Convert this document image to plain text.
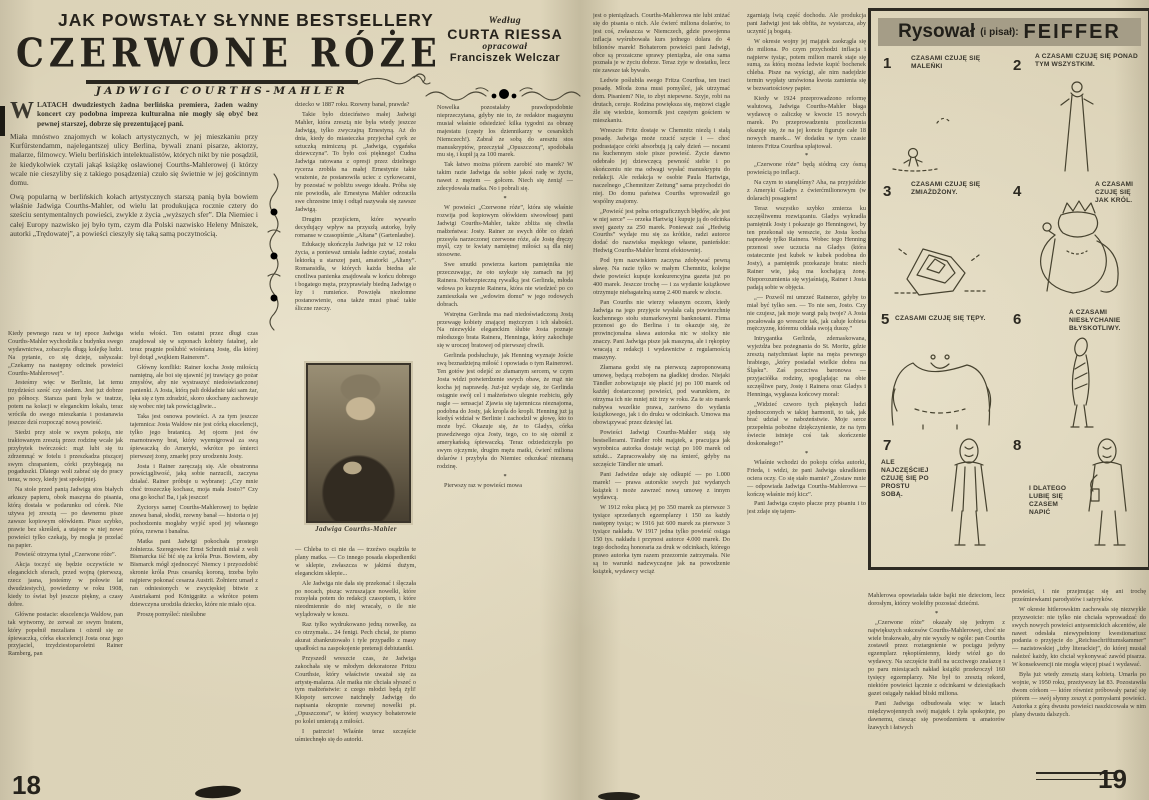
JAK POWSTAŁY SŁYNNE BESTSELLERY
CZERWONE RÓŻE
JADWIGI COURTHS-MAHLER
Według
CURTA RIESSA
opracował
Franciszek Welczar

WLATACH dwudziestych żadna berlińska premiera, żaden ważny koncert czy podobna impreza kulturalna nie mogły się obyć bez pewnej starszej, dobrze się prezentującej pani.

Miała mnóstwo znajomych w kołach artystycznych, w jej mieszkaniu przy Kurfürstendamm, najelegantszej ulicy Berlina, bywali znani pisarze, aktorzy, malarze, filmowcy. Wielu berlińskich intelektualistów, których nikt by nie posądził, że kiedykolwiek czytali jakąś książkę osławionej Courths-Mahlerowej (i którzy wcale nie cieszyliby się z takiego posądzenia) czuło się świetnie w jej gościnnym domu.

Ową popularną w berlińskich kołach artystycznych starszą panią była bowiem właśnie Jadwiga Courths-Mahler, od wielu lat produkująca rocznie cztery do sześciu sentymentalnych powieści, zwykle z życia „wyższych sfer”. Dla Niemiec i całej Europy nazwisko jej było tym, czym dla Polski nazwisko Heleny Mniszek, autorki „Trędowatej”, a powieści cieszyły się taką samą poczytnością.

Kiedy pewnego razu w tej epoce Jadwiga Courths-Mahler wychodziła z budynku swego wydawnictwa, zobaczyła długą kolejkę ludzi. Na pytanie, co się dzieje, usłyszała: „Czekamy na następny odcinek powieści Courths-Mahlerowej”.

Jesteśmy więc w Berlinie, lat temu trzydzieści sześć czy siedem. Jest już dobrze po północy. Starsza pani była w teatrze, potem na kolacji w eleganckim lokalu, teraz wróciła do swego mieszkania i postanawia jeszcze dziś rozpocząć nową powieść.

Siedzi przy stole w swym pokoju, nie traktowanym zresztą przez rodzinę wcale jak przybytek twórczości: mąż lubi się tu zdrzemnąć w fotelu i przeszkadza piszącej swym chrapaniem, córki przybiegają na pogaduszki. Dlatego woli zabrać się do pracy teraz, w nocy, kiedy jest spokojniej.

Na stole przed panią Jadwigą stos białych arkuszy papieru, obok maszyna do pisania, którą dostała w podarunku od córek. Nie używa jej zresztą — po dawnemu pisze zawsze kopiowym ołówkiem. Pisze szybko, prawie bez skreśleń, a utajone w niej nowe powieści tylko czekają, by mogła je przelać na papier.

Powieść otrzyma tytuł „Czerwone róże”.

Akcja toczyć się będzie oczywiście w eleganckich sferach, przed wojną (pierwszą, rzecz jasna, jesteśmy w połowie lat dwudziestych), powiedzmy w roku 1908, kiedy to świat był jeszcze piękny, a czasy dobre.

Główne postacie: ekscelencja Waldow, pan tak wytworny, że zerwał ze swym bratem, który popełnił mezalians i ożenił się ze śpiewaczką, córka ekscelencji Josta oraz jego przyjaciel, trzydziestoparoletni Rainer Ramberg, pan

wielu włości. Ten ostatni przez długi czas znajdował się w szponach kobiety fatalnej, ale teraz pragnie poślubić wiośnianą Jostę, dla której był dotąd „wujkiem Rainerem”.

Główny konflikt: Rainer kocha Jostę miłością namiętną, ale boi się ujawnić jej trawiący go pożar zmysłów, aby nie wystraszyć niedoświadczonej panienki. A Josta, którą pali dokładnie taki sam żar, lęka się z tym zdradzić, skoro ukochany zachowuje się wobec niej tak powściągliwie...

Taka jest osnowa powieści. A za tym jeszcze tajemnica: Josta Waldow nie jest córką ekscelencji, tylko jego bratanicą. Jej ojcem jest ów marnotrawny brat, który wyemigrował za swą śpiewaczką do Ameryki, wkrótce po śmierci pierwszej żony, zmarłej przy urodzeniu Josty.

Josta i Rainer zaręczają się. Ale obustronna powściągliwość, jaką sobie narzucili, zaczyna działać. Rainer próbuje u wybranej: „Czy mnie choć troszeczkę kochasz, moja mała Josto?” Czy ona go kocha! Ba, i jak jeszcze!

Życiorys samej Courths-Mahlerowej to będzie znowu banał, słodki, rzewny banał — historia o jej pochodzeniu mogłaby wyjść spod jej własnego pióra, rzewna i banalna.

Matka pani Jadwigi pokochała prostego żołnierza. Szeregowiec Ernst Schmidt miał z woli Bismarcka iść bić się za króla Prus. Bowiem, aby Bismarck mógł zjednoczyć Niemcy i przyozdobić skronie króla Prus cesarską koroną, trzeba było najpierw pokonać cesarza Austrii. Żołnierz umarł z ran odniesionych w zwycięskiej bitwie z Austriakami pod Königgrätz a wkrótce potem dziewczyna urodziła dziecko, które nie miało ojca.

Proszę pomyśleć: nieślubne

dziecko w 1887 roku. Rzewny banał, prawda?

Takie było dzieciństwo małej Jadwigi Mahler, która zresztą nie była wtedy jeszcze Jadwigą, tylko zwyczajną Ernestyną. Aż do dnia, kiedy do miasteczka przyjechał cyrk ze sztuczką mimiczną pt. „Jadwiga, cygańska dziewczyna”. To było coś pięknego! Cudna Jadwiga ratowana z opresji przez dzielnego rycerza zrobiła na małej Ernestynie takie wrażenie, że postanowiła uciec z cyrkowcami, by pozostać w pobliżu swego ideału. Próba się nie powiodła, ale Ernestyna Mahler odrzuciła swe chrzestne imię i odtąd nazywała się zawsze Jadwigą.

Drugim przejściem, które wywarło decydujący wpływ na przyszłą autorkę, były romanse w czasopiśmie „Altana” (Gartenlaube).

Edukację ukończyła Jadwiga już w 12 roku życia, a ponieważ umiała ładnie czytać, została lektorką u starszej pani, amatorki „Altany”. Romansidła, w których każda biedna ale cnotliwa panienka znajdowała w końcu dobrego i bogatego męża, przyprawiały biedną Jadwigę o łzy i rumieńce. Powzięła niezłomne postanowienie, ona także musi pisać takie śliczne rzeczy.

Jadwiga Courths-Mahler

— Chleba to ci nie da — trzeźwo osądziła te plany matka. — Co innego posada ekspedientki w sklepie, zwłaszcza w jakimś dużym, eleganckim sklepie...

Ale Jadwiga nie dała się przekonać i ślęczała po nocach, pisząc wzruszające nowelki, które rozsyłała potem do redakcji czasopism, i które nieodmiennie do niej wracały, o ile nie wylądowały w koszu.

Raz tylko wydrukowano jedną nowelkę, za co otrzymała... 24 fenigi. Pech chciał, że pismo akurat zbankrutowało i tyle przypadło z masy upadłości na zaspokojenie pretensji debiutantki.

Przyszedł wreszcie czas, że Jadwiga zakochała się w młodym dekoratorze Fritzu Courthsie, który właściwie uważał się za artystę-malarza. Ale matka nie chciała słyszeć o tym małżeństwie: z czego młodzi będą żyli! Kłopoty sercowe natchnęły Jadwigę do napisania okropnie rzewnej nowelki pt. „Opuszczona”, w której wszyscy bohaterowie po kolei umierają z miłości.

I patrzcie! Właśnie teraz szczęście uśmiechnęło się do autorki.

Nowelka pozostałaby prawdopodobnie nieprzeczytana, gdyby nie to, że redaktor magazynu musiał właśnie odsiedzieć kilka tygodni za obrazę majestatu (częsty los dziennikarzy w cesarskich Niemczech!). Zabrał ze sobą do aresztu stos manuskryptów, przeczytał „Opuszczoną”, spodobała mu się, i kupił ją za 100 marek.

Tak łatwo można piórem zarobić sto marek? W takim razie Jadwiga da sobie jakoś radę w życiu, nawet z mężem — gołcem. Niech się żenią! — zdecydowała matka. No i pobrali się.

*

W powieści „Czerwone róże”, która się właśnie rozwija pod kopiowym ołówkiem siwowłosej pani Jadwigi Courths-Mahler, także zbliża się chwila małżeństwa: Josty. Rainer ze swych dóbr co dzień przesyła narzeczonej czerwone róże, ale Jostę dręczy myśl, czy te kwiaty namiętnej miłości są dla niej stosowne.

Swe smutki powierza kartom pamiętnika nie przeczuwając, że oto szykuje się zamach na jej Rainera. Niebezpieczną rywalką jest Gerlinda, młoda wdowa po kuzynie Rainera, która nie wiedzieć po co zamieszkała we „wdowim domu” w jego rodowych dobrach.

Wstrętna Gerlinda ma nad niedoświadczoną Jostą przewagę kobiety znającej mężczyzn i ich słabości. Na niezwykle eleganckim ślubie Josta poznaje młodszego brata Rainera, Henninga, który zakochuje się w uroczej bratowej od pierwszej chwili.

Gerlinda podsłuchuje, jak Henning wyznaje Joście swą beznadziejną miłość i opowiada o tym Rainerowi. Ten gotów jest odejść ze złamanym sercem, w czym Josta widzi potwierdzenie swych obaw, że mąż nie kocha jej naprawdę. Już-już wydaje się, że Gerlinda osiągnie swój cel i małżeństwo ulegnie rozbiciu, gdy nagle — sensacja! Zjawia się tajemnicza nieznajoma, podobna do Josty, jak kropla do kropli. Henning już ją kiedyś widział w Berlinie i zachodził w głowę, kto to może być. Okazuje się, że to Gladys, córka prawdziwego ojca Josty, tego, co to się ożenił z amerykańską śpiewaczką. Teraz odziedziczyła po swym ojczymie, drugim mężu matki, ćwierć miliona dolarów i przybyła do Niemiec odszukać nieznaną rodzinę.

*

Pierwszy raz w powieści mowa

18

jest o pieniądzach. Courths-Mahlerowa nie lubi zniżać się do pisania o nich. Ale ćwierć miliona dolarów, to jest coś, zwłaszcza w Niemczech, gdzie powojenna inflacja wyśrubowała kurs jednego dolara do 4 bilionów marek! Bohaterom powieści pani Jadwigi, obce są prozaiczne sprawy pieniądza, ale ona sama poznała je w życiu dobrze. Teraz żyje w dostatku, lecz nie zawsze tak bywało.

Ledwie poślubiła swego Fritza Courthsa, ten traci posadę. Młoda żona musi pomyśleć, jak utrzymać dom. Pisaniem? Nie, to zbyt niepewne. Szyje, robi na drutach, ceruje. Rodzina powiększa się, mężowi ciągle źle się wiedzie, komornik jest częstym gościem w mieszkaniu.

Wreszcie Fritz dostaje w Chemnitz niezłą i stałą posadę. Jadwiga może rzucić szycie i — choć podrastające córki absorbują ją cały dzień — nocami na kuchennym stole pisze powieść. Życie dawno odebrało jej dziewczęcą pewność siebie i po skończeniu nie ma odwagi wysłać manuskryptu do redakcji. Ale redakcja w osobie Paula Hartwiga, naczelnego „Chemnitzer Zeitung” sama przychodzi do niej. Do domu państwa Courths wprowadził go wspólny znajomy.

„Powieść jest pełna ortograficznych błędów, ale jest w niej serce” — orzeka Hartwig i kupuje ją do odcinka swej gazety za 250 marek. Ponieważ zaś „Hedwig Courths” wydaje mu się za krótkie, radzi autorce dodać do nazwiska męskiego własne, panieńskie: Hedwig Courths-Mahler brzmi efektowniej.

Pod tym nazwiskiem zaczyna zdobywać pewną sławę. Na razie tylko w małym Chemnitz, kolejne dwie powieści kupuje konkurencyjna gazeta już po 400 marek. Jeszcze trochę — i za wydanie książkowe otrzymuje niebagatelną sumę 2.400 marek w złocie.

Pan Courths nie wierzy własnym oczom, kiedy Jadwiga na jego przyjęcie wysłała całą powierzchnię kuchennego stołu stumarkowymi banknotami. Firma przenosi go do Berlina i tu okazuje się, że prowincjonalna sława autorska nic w stolicy nie znaczy. Pani Jadwiga pisze jak maszyna, ale i rękopisy wracają z redakcji i wydawnictw z regularnością maszyny.

Złamana godzi się na pierwszą zaproponowaną umowę, będącą rozbojem na gładkiej drodze. Niejaki Tändler zobowiązuje się płacić jej po 100 marek od każdej dostarczonej powieści, pod warunkiem, że otrzyma ich nie mniej niż trzy w roku. Za te sto marek nabywa wszelkie prawa, zarówno do wydania książkowego, jak i do druku w odcinkach. Umowa ma obowiązywać przez dziesięć lat.

Powieści Jadwigi Courths-Mahler stają się bestsellerami. Tändler robi majątek, a pracująca jak wyrobnica autorka dostaje wciąż po 100 marek od sztuki... Zapracowałaby się na śmierć, gdyby na szczęście Tändler nie umarł.

Pani Jadwidze udaje się odkupić — po 1.000 marek! — prawa autorskie swych już wydanych książek i może zawrzeć nową umowę z innym wydawcą.

W 1912 roku płacą jej po 350 marek za pierwsze 3 tysiące sprzedanych egzemplarzy i 150 za każdy następny tysiąc; w 1916 już 600 marek za pierwsze 3 tysiące nakładu. W 1917 jedna tylko powieść osiąga 150 tys. nakładu i przynosi autorce 4.000 marek. Do tego dochodzą honoraria za druk w odcinkach, którego prawo autorka tym razem przezornie zatrzymała. Nie są to warunki nadzwyczajne jak na powodzenie książek, wydawcy wciąż

zgarniają lwią część dochodu. Ale produkcja pani Jadwigi jest tak obfita, że wystarcza, aby uczynić ją bogatą.

W okresie wojny jej majątek zaokrągla się do miliona. Po czym przychodzi inflacja i najpierw tysiąc, potem milion marek staje się sumą, za którą można ledwie kupić bochenek chleba. Pisze na wyścigi, ale nim nadejdzie termin wypłaty umówiona kwota zamienia się w bezwartościowy papier.

Kiedy w 1924 przeprowadzono reformę walutową, Jadwiga Courths-Mahler błaga wydawcę o zaliczkę w kwocie 15 nowych marek. Po przeprowadzeniu przeliczenia okazuje się, że na jej koncie figuruje całe 18 nowych marek... W dodatku w tym czasie interes Fritza Courthsa splajtował.

*

„Czerwone róże” będą siódmą czy ósmą powieścią po inflacji.

Na czym to stanęliśmy? Aha, na przyjeździe z Ameryki Gladys z ćwierćmilionowym (w dolarach) posagiem!

Teraz wszystko szybko zmierza ku szczęśliwemu rozwiązaniu. Gladys wykradła pamiętnik Josty i pokazuje go Henningowi, by ten przekonał się wreszcie, że Josta kocha naprawdę tylko Rainera. Wobec tego Henning przenosi swe uczucia na Gladys (która ostatecznie jest kubek w kubek podobna do Josty), a pamiętnik przekazuje bratu: niech Rainer wie, jaką ma kochającą żonę. Nieporozumienia się wyjaśniają, Rainer i Josta padają sobie w objęcia.

„— Pozwól mi umrzeć Rainerze, gdyby to miał być tylko sen. — To nie sen, Josto. Czy nie czujesz, jak moje wargi palą twoje? A Josta pocałowała go wreszcie tak, jak całuje kobieta mężczyznę, któremu oddała swoją duszę.”

Intrygantka Gerlinda, zdemaskowana, wyjeżdża bez pożegnania do St. Moritz, gdzie zresztą natychmiast łapie na męża pewnego hrabiego, „który posiadał wielkie dobra na Śląsku”. Zaś poczciwa baronowa — przyjaciółka rodziny, spoglądając na obie szczęśliwe pary, Jostę i Rainera oraz Gladys i Henninga, wygłasza końcowy morał:

„Widzieć czworo tych pięknych ludzi zjednoczonych w takiej harmonii, to tak, jak brać udział w nabożeństwie. Moje serce przepełnia pobożne dziękczynienie, że na tym świecie istnieje coś tak skończenie doskonałego!”

*

Właśnie wchodzi do pokoju córka autorki, Frieda, i widzi, że pani Jadwiga ukradkiem ociera oczy. Co się stało mamie? „Zostaw mnie — odpowiada Jadwiga Courths-Mahlerowa — kończę właśnie mój kicz”.

Pani Jadwiga często płacze przy pisaniu i to jest zdaje się tajem-

Rysował (i pisał): FEIFFER
1	CZASAMI CZUJĘ SIĘ MALEŃKI	2
A CZASAMI CZUJĘ SIĘ PONAD TYM WSZYSTKIM.
3	CZASAMI CZUJĘ SIĘ ZMIAŻDŻONY.	4	A CZASAMI CZUJĘ SIĘ JAK KRÓL.
5 CZASAMI CZUJĘ SIĘ TĘPY.	6	A CZASAMI NIESŁYCHANIE BŁYSKOTLIWY.
7
ALE NAJCZĘŚCIEJ CZUJĘ SIĘ PO PROSTU SOBĄ.
8
I DLATEGO LUBIĘ SIĘ CZASEM NAPIĆ

Mahlerowa opowiadała takie bajki nie dzieciom, lecz dorosłym, którzy woleliby pozostać dziećmi.

*

„Czerwone róże” okazały się jednym z największych sukcesów Courths-Mahlerowej, choć nie wiele brakowało, aby nie wyszły w ogóle: pan Courths zostawił przez roztargnienie w pociągu jedyny egzemplarz rękopiśmienny, kiedy wiózł go do wydawcy. Na szczęście trafił na uczciwego znalazcę i po paru miesiącach nakład książki przekroczył 160 tysięcy egzemplarzy. Nie był to zresztą rekord, niektóre powieści łącznie z odcinkami w dziesiątkach gazet osiągały nakład bliski miliona.

Pani Jadwiga odbudowała więc w latach międzywojennych swój majątek i żyła spokojnie, po dawnemu, ciesząc się powodzeniem u amatorów łzawych i łatwych

powieści, i nie przejmując się ani trochę prześmiewkami parodystów i satyryków.

W okresie hitlerowskim zachowała się niezwykle przyzwoicie: nie tylko nie chciała wprowadzać do swych nowych powieści antysemickich akcentów, ale nawet odesłała niewypełniony kwestionariusz podania o przyjęcie do „Reichsschrifttumskammer” — nazistowskiej „izby literackiej”, do której musiał należeć każdy, kto chciał wykonywać zawód pisarza. W konsekwencji nie mogła więcej pisać i wydawać.

Była już wtedy zresztą starą kobietą. Umarła po wojnie, w 1950 roku, przeżywszy lat 83. Pozostawiła dwom córkom — które również próbowały parać się piórem — swój słynny zeszyt z pomysłami powieści. Autorka z górą dwustu powieści naszkicowała w nim plany dwustu dalszych.

19
